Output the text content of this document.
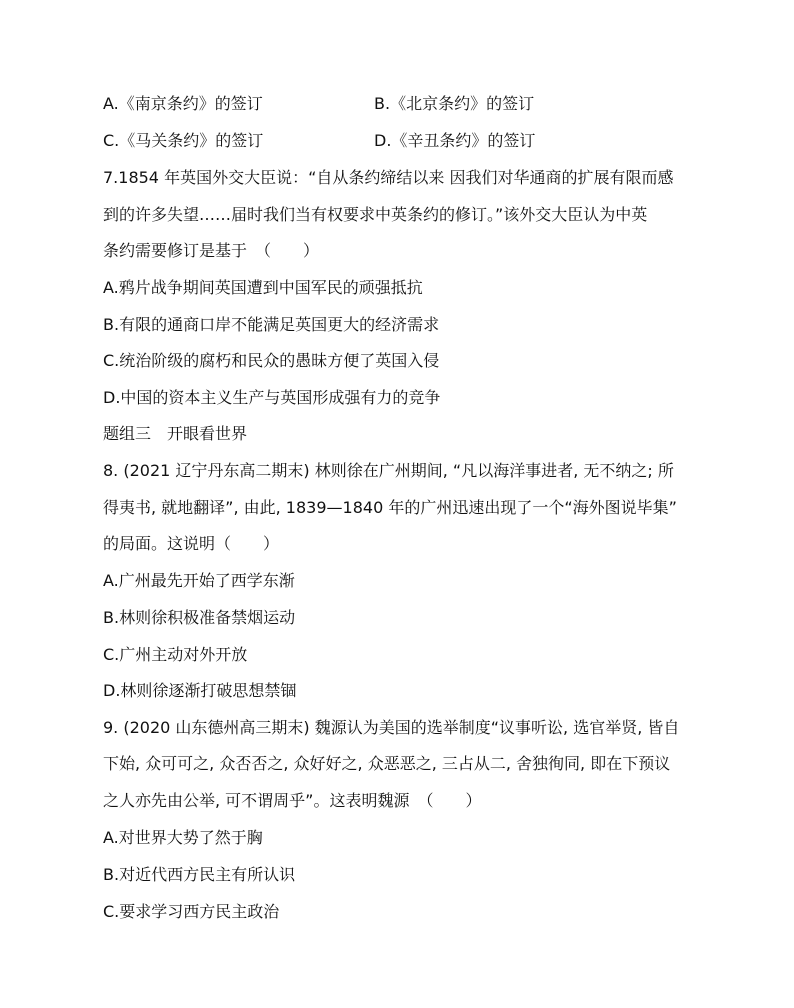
A.《南京条约》的签订	B.《北京条约》的签订
C.《马关条约》的签订	D.《辛丑条约》的签订
7.1854 年英国外交大臣说：“自从条约缔结以来 因我们对华通商的扩展有限而感
到的许多失望……届时我们当有权要求中英条约的修订。”该外交大臣认为中英
条约需要修订是基于　（　　）
A.鸦片战争期间英国遭到中国军民的顽强抵抗
B.有限的通商口岸不能满足英国更大的经济需求
C.统治阶级的腐朽和民众的愚昧方便了英国入侵
D.中国的资本主义生产与英国形成强有力的竞争
题组三　开眼看世界
8. (2021 辽宁丹东高二期末) 林则徐在广州期间, “凡以海洋事进者, 无不纳之; 所
得夷书, 就地翻译”, 由此, 1839—1840 年的广州迅速出现了一个“海外图说毕集”
的局面。这说明（　　）
A.广州最先开始了西学东渐
B.林则徐积极准备禁烟运动
C.广州主动对外开放
D.林则徐逐渐打破思想禁锢
9. (2020 山东德州高三期末) 魏源认为美国的选举制度“议事听讼, 选官举贤, 皆自
下始, 众可可之, 众否否之, 众好好之, 众恶恶之, 三占从二, 舍独徇同, 即在下预议
之人亦先由公举, 可不谓周乎”。这表明魏源　（　　）
A.对世界大势了然于胸
B.对近代西方民主有所认识
C.要求学习西方民主政治
